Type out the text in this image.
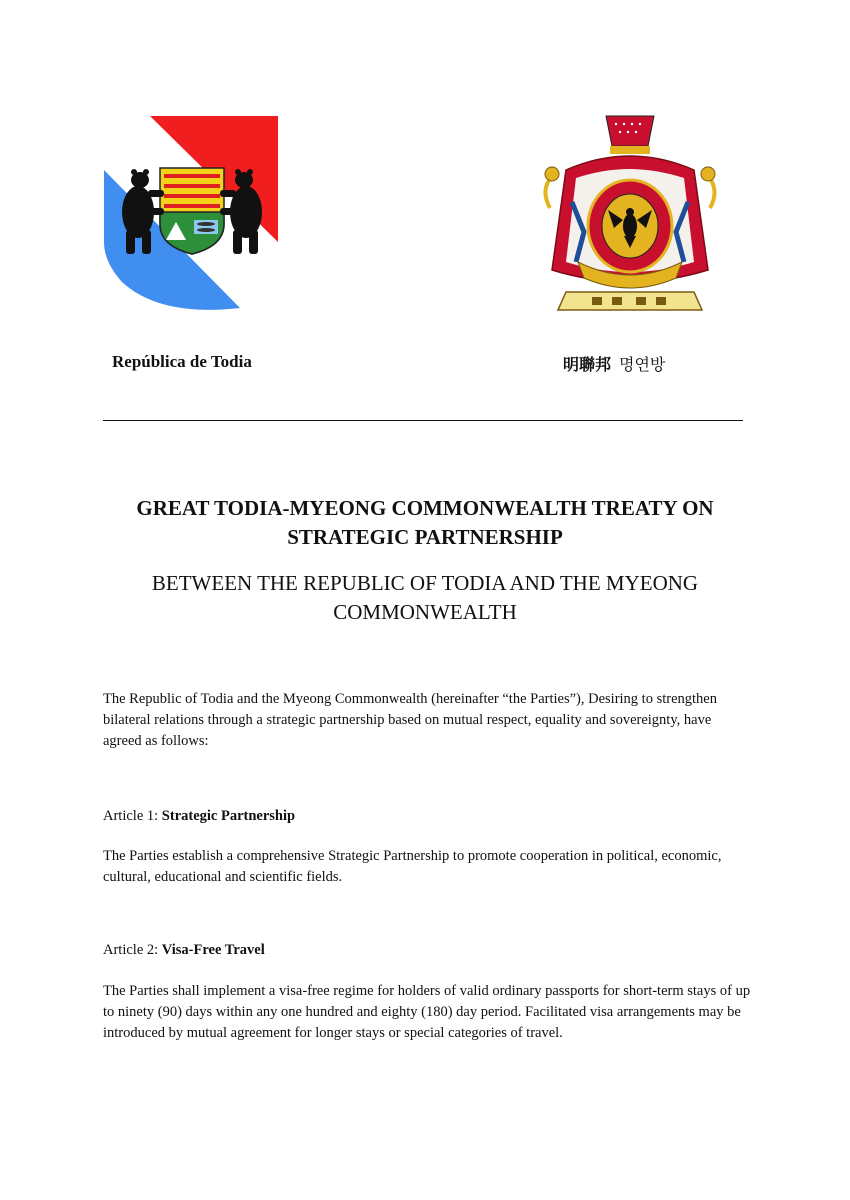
República de Todia	明聯邦 명연방
GREAT TODIA-MYEONG COMMONWEALTH TREATY ON STRATEGIC PARTNERSHIP
BETWEEN THE REPUBLIC OF TODIA AND THE MYEONG COMMONWEALTH
The Republic of Todia and the Myeong Commonwealth (hereinafter “the Parties”), Desiring to strengthen bilateral relations through a strategic partnership based on mutual respect, equality and sovereignty, have agreed as follows:
Article 1: Strategic Partnership
The Parties establish a comprehensive Strategic Partnership to promote cooperation in political, economic, cultural, educational and scientific fields.
Article 2: Visa-Free Travel
The Parties shall implement a visa-free regime for holders of valid ordinary passports for short-term stays of up to ninety (90) days within any one hundred and eighty (180) day period. Facilitated visa arrangements may be introduced by mutual agreement for longer stays or special categories of travel.
